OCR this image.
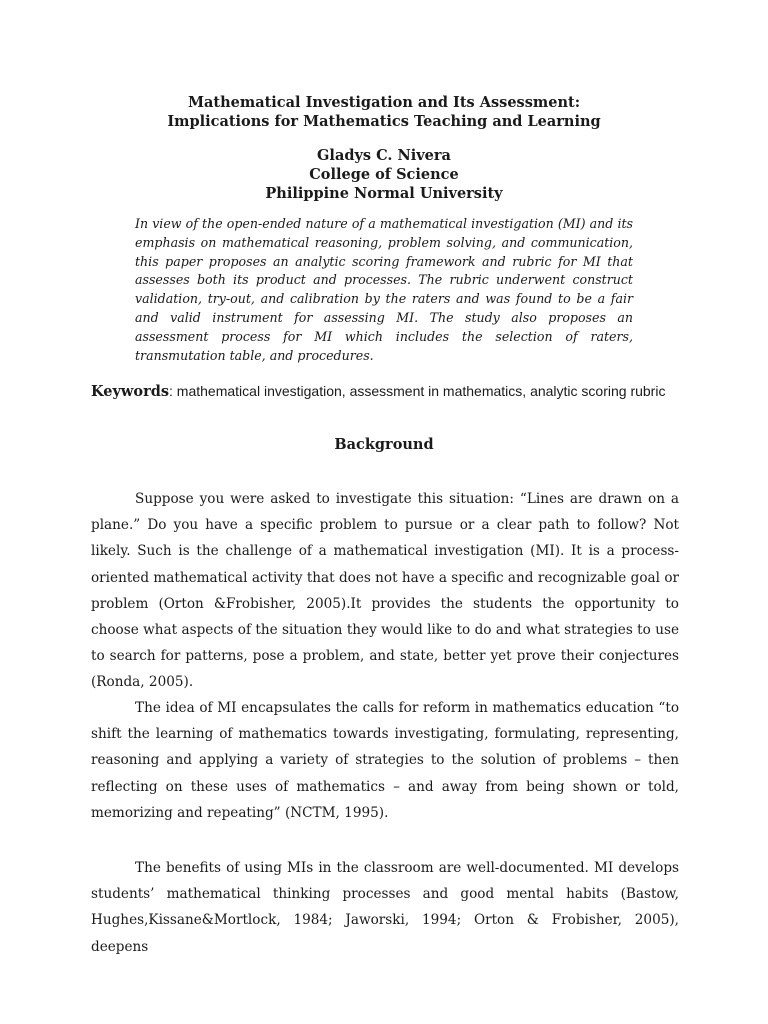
Mathematical Investigation and Its Assessment:
Implications for Mathematics Teaching and Learning
Gladys C. Nivera
College of Science
Philippine Normal University
In view of the open-ended nature of a mathematical investigation (MI) and its emphasis on mathematical reasoning, problem solving, and communication, this paper proposes an analytic scoring framework and rubric for MI that assesses both its product and processes. The rubric underwent construct validation, try-out, and calibration by the raters and was found to be a fair and valid instrument for assessing MI. The study also proposes an assessment process for MI which includes the selection of raters, transmutation table, and procedures.
Keywords: mathematical investigation, assessment in mathematics, analytic scoring rubric
Background
Suppose you were asked to investigate this situation: “Lines are drawn on a plane.” Do you have a specific problem to pursue or a clear path to follow? Not likely. Such is the challenge of a mathematical investigation (MI). It is a process-oriented mathematical activity that does not have a specific and recognizable goal or problem (Orton &Frobisher, 2005).It provides the students the opportunity to choose what aspects of the situation they would like to do and what strategies to use to search for patterns, pose a problem, and state, better yet prove their conjectures (Ronda, 2005).
The idea of MI encapsulates the calls for reform in mathematics education “to shift the learning of mathematics towards investigating, formulating, representing, reasoning and applying a variety of strategies to the solution of problems – then reflecting on these uses of mathematics – and away from being shown or told, memorizing and repeating” (NCTM, 1995).
The benefits of using MIs in the classroom are well-documented. MI develops students’ mathematical thinking processes and good mental habits (Bastow, Hughes,Kissane&Mortlock, 1984; Jaworski, 1994; Orton & Frobisher, 2005), deepens
